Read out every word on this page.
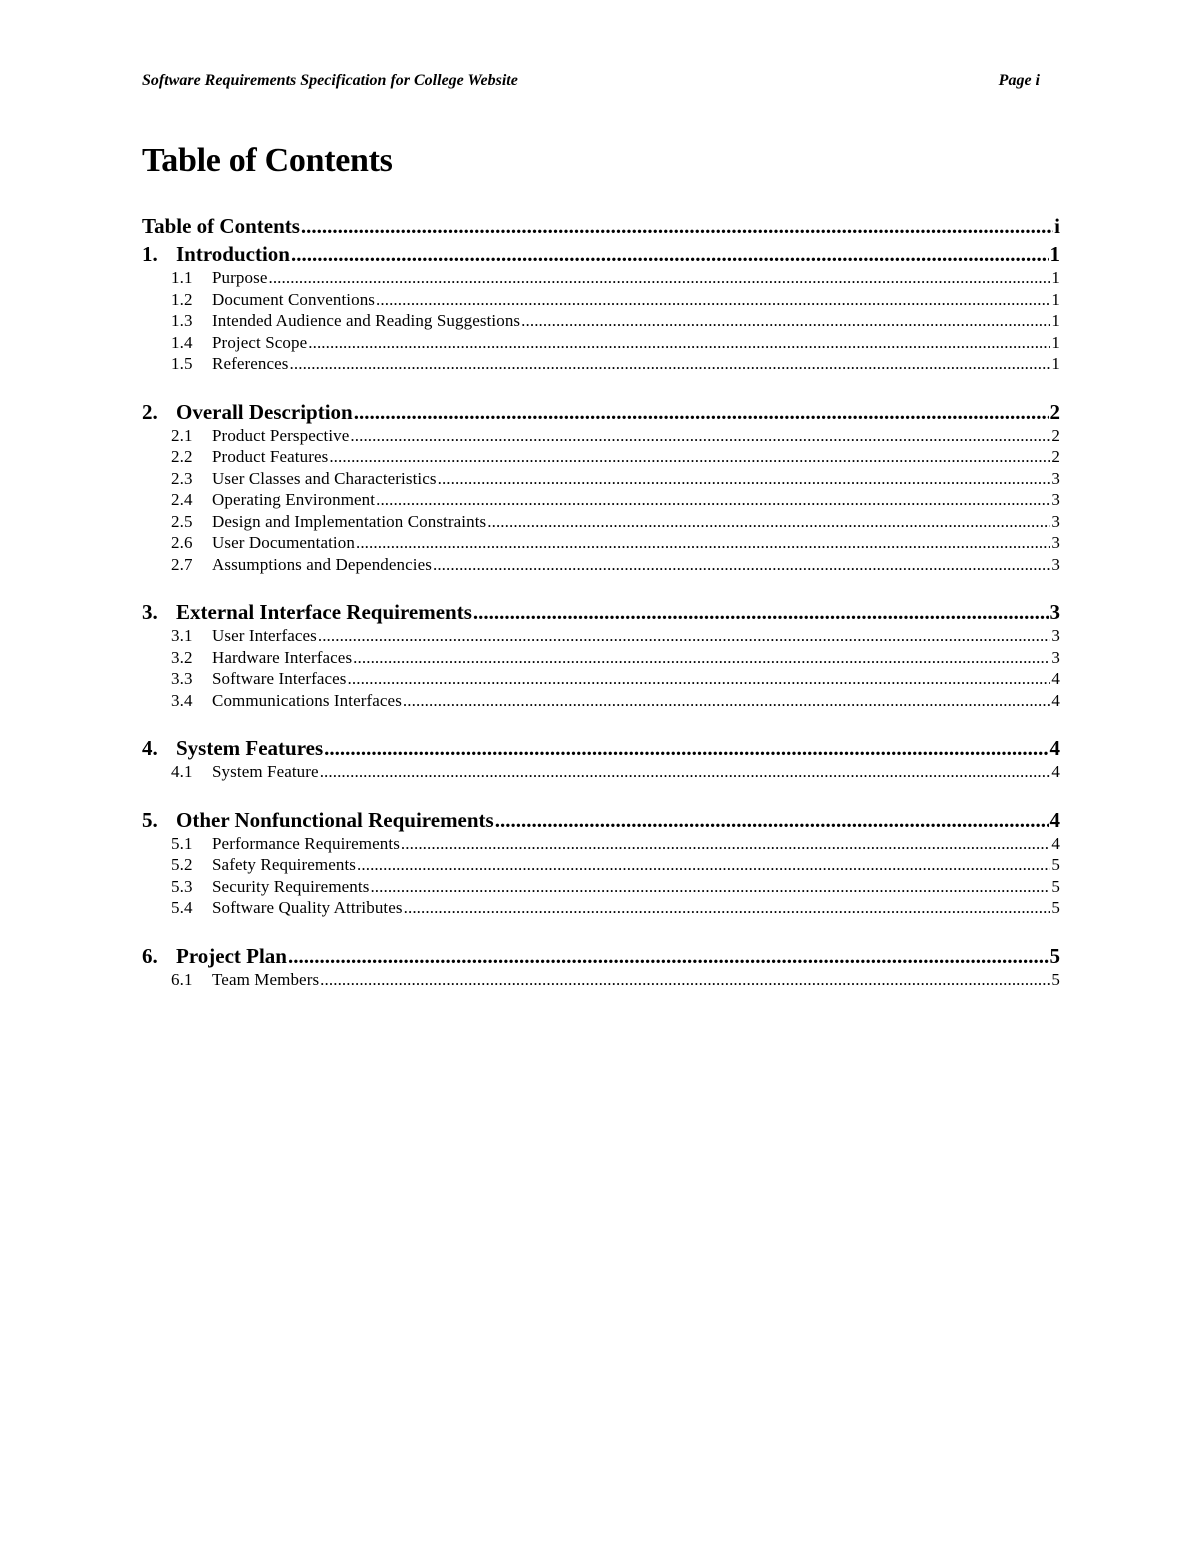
Software Requirements Specification for College Website	Page i
Table of Contents
Table of Contents .....	i
1. Introduction .....	1
1.1 Purpose .....	1
1.2 Document Conventions .....	1
1.3 Intended Audience and Reading Suggestions .....	1
1.4 Project Scope .....	1
1.5 References .....	1
2. Overall Description .....	2
2.1 Product Perspective .....	2
2.2 Product Features .....	2
2.3 User Classes and Characteristics .....	3
2.4 Operating Environment .....	3
2.5 Design and Implementation Constraints .....	3
2.6 User Documentation .....	3
2.7 Assumptions and Dependencies .....	3
3. External Interface Requirements .....	3
3.1 User Interfaces .....	3
3.2 Hardware Interfaces .....	3
3.3 Software Interfaces .....	4
3.4 Communications Interfaces .....	4
4. System Features .....	4
4.1 System Feature .....	4
5. Other Nonfunctional Requirements .....	4
5.1 Performance Requirements .....	4
5.2 Safety Requirements .....	5
5.3 Security Requirements .....	5
5.4 Software Quality Attributes .....	5
6. Project Plan .....	5
6.1 Team Members .....	5
